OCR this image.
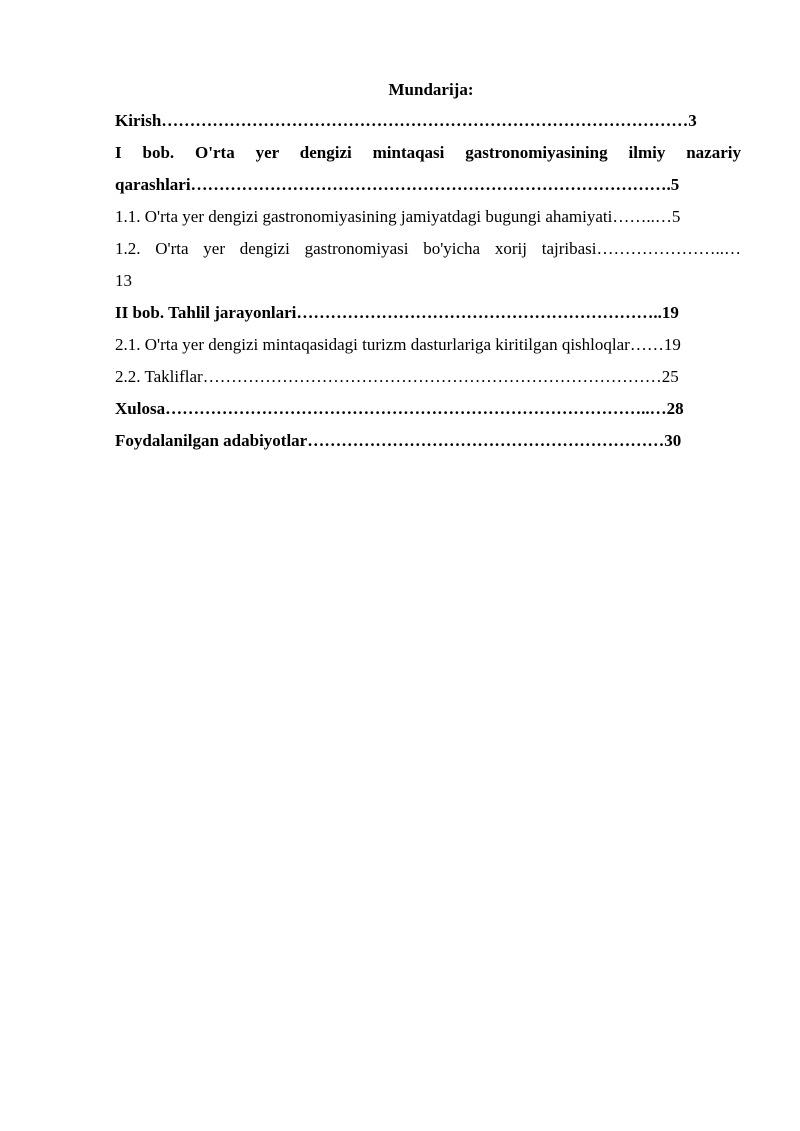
Mundarija:
Kirish…………………………………………………………………………………3
I bob. O'rta yer dengizi mintaqasi gastronomiyasining ilmiy nazariy
qarashlari………………………………………………………………………….5
1.1. O'rta yer dengizi gastronomiyasining jamiyatdagi bugungi ahamiyati……..…5
1.2. O'rta yer dengizi gastronomiyasi bo'yicha xorij tajribasi…………………..…
13
II bob. Tahlil jarayonlari………………………………………………………..19
2.1. O'rta yer dengizi mintaqasidagi turizm dasturlariga kiritilgan qishloqlar……19
2.2. Takliflar………………………………………………………………………25
Xulosa…………………………………………………………………………..…28
Foydalanilgan adabiyotlar………………………………………………………30
